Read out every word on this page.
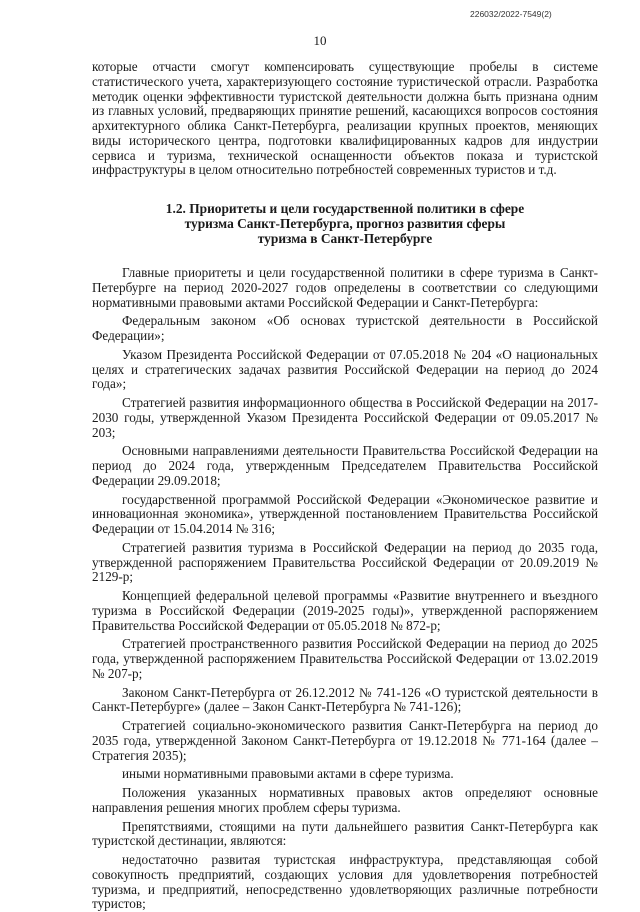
226032/2022-7549(2)
10

которые отчасти смогут компенсировать существующие пробелы в системе статистического учета, характеризующего состояние туристической отрасли. Разработка методик оценки эффективности туристской деятельности должна быть признана одним из главных условий, предваряющих принятие решений, касающихся вопросов состояния архитектурного облика Санкт-Петербурга, реализации крупных проектов, меняющих виды исторического центра, подготовки квалифицированных кадров для индустрии сервиса и туризма, технической оснащенности объектов показа и туристской инфраструктуры в целом относительно потребностей современных туристов и т.д.

1.2. Приоритеты и цели государственной политики в сфере
туризма Санкт-Петербурга, прогноз развития сферы
туризма в Санкт-Петербурге

Главные приоритеты и цели государственной политики в сфере туризма в Санкт-Петербурге на период 2020-2027 годов определены в соответствии со следующими нормативными правовыми актами Российской Федерации и Санкт-Петербурга:

Федеральным законом «Об основах туристской деятельности в Российской Федерации»;

Указом Президента Российской Федерации от 07.05.2018 № 204 «О национальных целях и стратегических задачах развития Российской Федерации на период до 2024 года»;

Стратегией развития информационного общества в Российской Федерации на 2017-2030 годы, утвержденной Указом Президента Российской Федерации от 09.05.2017 № 203;

Основными направлениями деятельности Правительства Российской Федерации на период до 2024 года, утвержденным Председателем Правительства Российской Федерации 29.09.2018;

государственной программой Российской Федерации «Экономическое развитие и инновационная экономика», утвержденной постановлением Правительства Российской Федерации от 15.04.2014 № 316;

Стратегией развития туризма в Российской Федерации на период до 2035 года, утвержденной распоряжением Правительства Российской Федерации от 20.09.2019 № 2129-р;

Концепцией федеральной целевой программы «Развитие внутреннего и въездного туризма в Российской Федерации (2019-2025 годы)», утвержденной распоряжением Правительства Российской Федерации от 05.05.2018 № 872-р;

Стратегией пространственного развития Российской Федерации на период до 2025 года, утвержденной распоряжением Правительства Российской Федерации от 13.02.2019 № 207-р;

Законом Санкт-Петербурга от 26.12.2012 № 741-126 «О туристской деятельности в Санкт-Петербурге» (далее – Закон Санкт-Петербурга № 741-126);

Стратегией социально-экономического развития Санкт-Петербурга на период до 2035 года, утвержденной Законом Санкт-Петербурга от 19.12.2018 № 771-164 (далее – Стратегия 2035);

иными нормативными правовыми актами в сфере туризма.

Положения указанных нормативных правовых актов определяют основные направления решения многих проблем сферы туризма.

Препятствиями, стоящими на пути дальнейшего развития Санкт-Петербурга как туристской дестинации, являются:

недостаточно развитая туристская инфраструктура, представляющая собой совокупность предприятий, создающих условия для удовлетворения потребностей туризма, и предприятий, непосредственно удовлетворяющих различные потребности туристов;
